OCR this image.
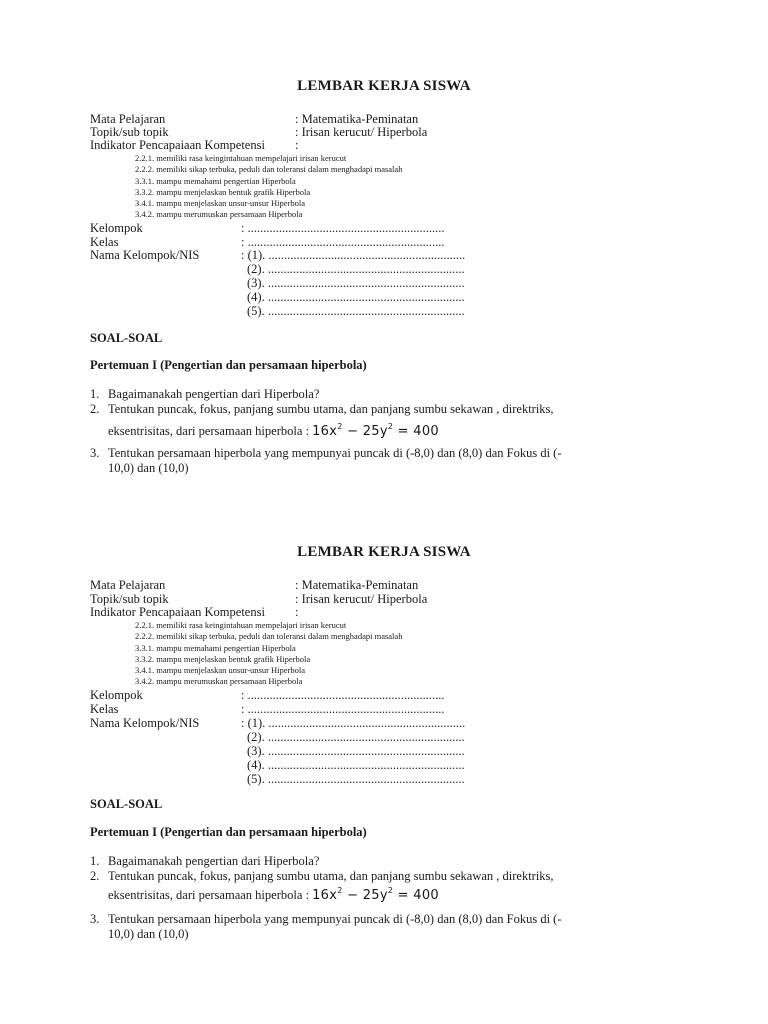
LEMBAR KERJA SISWA
Mata Pelajaran	: Matematika-Peminatan
Topik/sub topik	: Irisan kerucut/ Hiperbola
Indikator Pencapaiaan Kompetensi :
2.2.1. memiliki rasa keingintahuan mempelajari irisan kerucut
2.2.2. memiliki sikap terbuka, peduli dan toleransi dalam menghadapi masalah
3.3.1. mampu memahami pengertian Hiperbola
3.3.2. mampu menjelaskan bentuk grafik Hiperbola
3.4.1. mampu menjelaskan unsur-unsur Hiperbola
3.4.2. mampu merumuskan persamaan Hiperbola
Kelompok	: ...............................................................
Kelas	: ...............................................................
Nama Kelompok/NIS	: (1). ...............................................................
(2). ...............................................................
(3). ...............................................................
(4). ...............................................................
(5). ...............................................................
SOAL-SOAL
Pertemuan I (Pengertian dan persamaan hiperbola)
1. Bagaimanakah pengertian dari Hiperbola?
2. Tentukan puncak, fokus, panjang sumbu utama, dan panjang sumbu sekawan , direktriks,
eksentrisitas, dari persamaan hiperbola : $16x^2 - 25y^2 = 400$
3. Tentukan persamaan hiperbola yang mempunyai puncak di (-8,0) dan (8,0) dan Fokus di (-
10,0) dan (10,0)
LEMBAR KERJA SISWA
Mata Pelajaran	: Matematika-Peminatan
Topik/sub topik	: Irisan kerucut/ Hiperbola
Indikator Pencapaiaan Kompetensi :
2.2.1. memiliki rasa keingintahuan mempelajari irisan kerucut
2.2.2. memiliki sikap terbuka, peduli dan toleransi dalam menghadapi masalah
3.3.1. mampu memahami pengertian Hiperbola
3.3.2. mampu menjelaskan bentuk grafik Hiperbola
3.4.1. mampu menjelaskan unsur-unsur Hiperbola
3.4.2. mampu merumuskan persamaan Hiperbola
Kelompok	: ...............................................................
Kelas	: ...............................................................
Nama Kelompok/NIS	: (1). ...............................................................
(2). ...............................................................
(3). ...............................................................
(4). ...............................................................
(5). ...............................................................
SOAL-SOAL
Pertemuan I (Pengertian dan persamaan hiperbola)
1. Bagaimanakah pengertian dari Hiperbola?
2. Tentukan puncak, fokus, panjang sumbu utama, dan panjang sumbu sekawan , direktriks,
eksentrisitas, dari persamaan hiperbola : $16x^2 - 25y^2 = 400$
3. Tentukan persamaan hiperbola yang mempunyai puncak di (-8,0) dan (8,0) dan Fokus di (-
10,0) dan (10,0)
